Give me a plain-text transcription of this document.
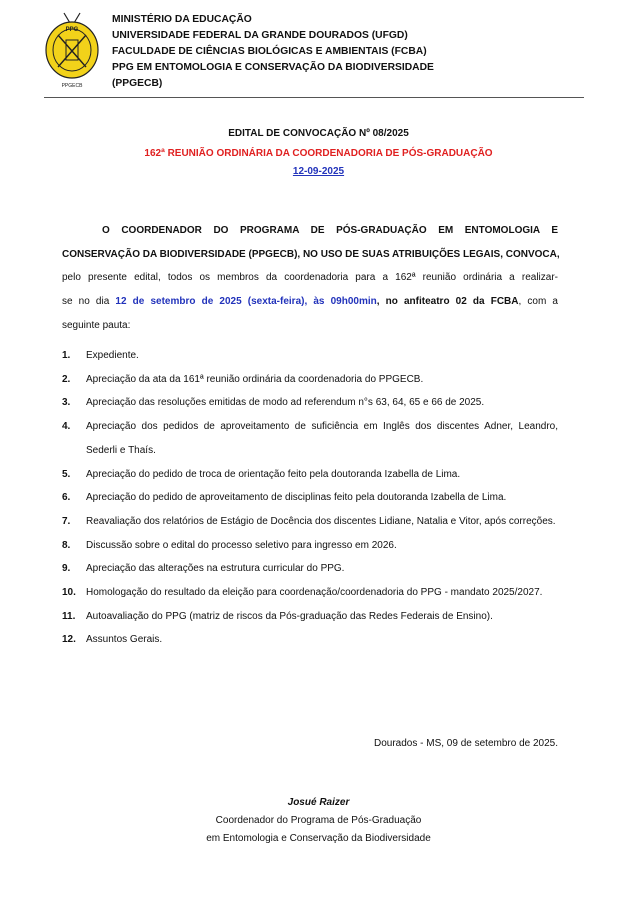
PPG
PPGECB
MINISTÉRIO DA EDUCAÇÃO
UNIVERSIDADE FEDERAL DA GRANDE DOURADOS (UFGD)
FACULDADE DE CIÊNCIAS BIOLÓGICAS E AMBIENTAIS (FCBA)
PPG EM ENTOMOLOGIA E CONSERVAÇÃO DA BIODIVERSIDADE
(PPGECB)
EDITAL DE CONVOCAÇÃO Nº 08/2025
162ª REUNIÃO ORDINÁRIA DA COORDENADORIA DE PÓS-GRADUAÇÃO
12-09-2025
O COORDENADOR DO PROGRAMA DE PÓS-GRADUAÇÃO EM ENTOMOLOGIA E
CONSERVAÇÃO DA BIODIVERSIDADE (PPGECB), NO USO DE SUAS ATRIBUIÇÕES LEGAIS, CONVOCA,
pelo presente edital, todos os membros da coordenadoria para a 162ª reunião ordinária a realizar-
se no dia 12 de setembro de 2025 (sexta-feira), às 09h00min, no anfiteatro 02 da FCBA, com a
seguinte pauta:
1. Expediente.
2. Apreciação da ata da 161ª reunião ordinária da coordenadoria do PPGECB.
3. Apreciação das resoluções emitidas de modo ad referendum n°s 63, 64, 65 e 66 de 2025.
4. Apreciação dos pedidos de aproveitamento de suficiência em Inglês dos discentes Adner, Leandro, Sederli e Thaís.
5. Apreciação do pedido de troca de orientação feito pela doutoranda Izabella de Lima.
6. Apreciação do pedido de aproveitamento de disciplinas feito pela doutoranda Izabella de Lima.
7. Reavaliação dos relatórios de Estágio de Docência dos discentes Lidiane, Natalia e Vitor, após correções.
8. Discussão sobre o edital do processo seletivo para ingresso em 2026.
9. Apreciação das alterações na estrutura curricular do PPG.
10. Homologação do resultado da eleição para coordenação/coordenadoria do PPG - mandato 2025/2027.
11. Autoavaliação do PPG (matriz de riscos da Pós-graduação das Redes Federais de Ensino).
12. Assuntos Gerais.
Dourados - MS, 09 de setembro de 2025.
Josué Raizer
Coordenador do Programa de Pós-Graduação
em Entomologia e Conservação da Biodiversidade
